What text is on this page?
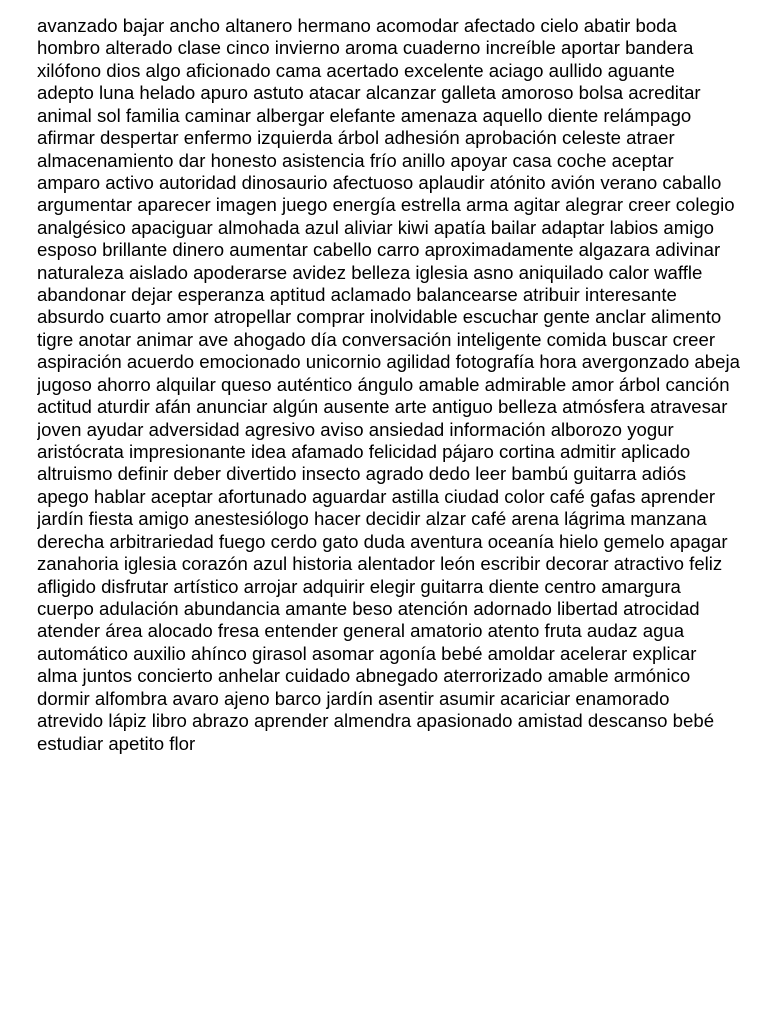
avanzado bajar ancho altanero hermano acomodar afectado cielo abatir boda
hombro alterado clase cinco invierno aroma cuaderno increíble aportar bandera
xilófono dios algo aficionado cama acertado excelente aciago aullido aguante
adepto luna helado apuro astuto atacar alcanzar galleta amoroso bolsa acreditar
animal sol familia caminar albergar elefante amenaza aquello diente relámpago
afirmar despertar enfermo izquierda árbol adhesión aprobación celeste atraer
almacenamiento dar honesto asistencia frío anillo apoyar casa coche aceptar
amparo activo autoridad dinosaurio afectuoso aplaudir atónito avión verano caballo
argumentar aparecer imagen juego energía estrella arma agitar alegrar creer colegio
analgésico apaciguar almohada azul aliviar kiwi apatía bailar adaptar labios amigo
esposo brillante dinero aumentar cabello carro aproximadamente algazara adivinar
naturaleza aislado apoderarse avidez belleza iglesia asno aniquilado calor waffle
abandonar dejar esperanza aptitud aclamado balancearse atribuir interesante
absurdo cuarto amor atropellar comprar inolvidable escuchar gente anclar alimento
tigre anotar animar ave ahogado día conversación inteligente comida buscar creer
aspiración acuerdo emocionado unicornio agilidad fotografía hora avergonzado abeja
jugoso ahorro alquilar queso auténtico ángulo amable admirable amor árbol canción
actitud aturdir afán anunciar algún ausente arte antiguo belleza atmósfera atravesar
joven ayudar adversidad agresivo aviso ansiedad información alborozo yogur
aristócrata impresionante idea afamado felicidad pájaro cortina admitir aplicado
altruismo definir deber divertido insecto agrado dedo leer bambú guitarra adiós
apego hablar aceptar afortunado aguardar astilla ciudad color café gafas aprender
jardín fiesta amigo anestesiólogo hacer decidir alzar café arena lágrima manzana
derecha arbitrariedad fuego cerdo gato duda aventura oceanía hielo gemelo apagar
zanahoria iglesia corazón azul historia alentador león escribir decorar atractivo feliz
afligido disfrutar artístico arrojar adquirir elegir guitarra diente centro amargura
cuerpo adulación abundancia amante beso atención adornado libertad atrocidad
atender área alocado fresa entender general amatorio atento fruta audaz agua
automático auxilio ahínco girasol asomar agonía bebé amoldar acelerar explicar
alma juntos concierto anhelar cuidado abnegado aterrorizado amable armónico
dormir alfombra avaro ajeno barco jardín asentir asumir acariciar enamorado
atrevido lápiz libro abrazo aprender almendra apasionado amistad descanso bebé
estudiar apetito flor
